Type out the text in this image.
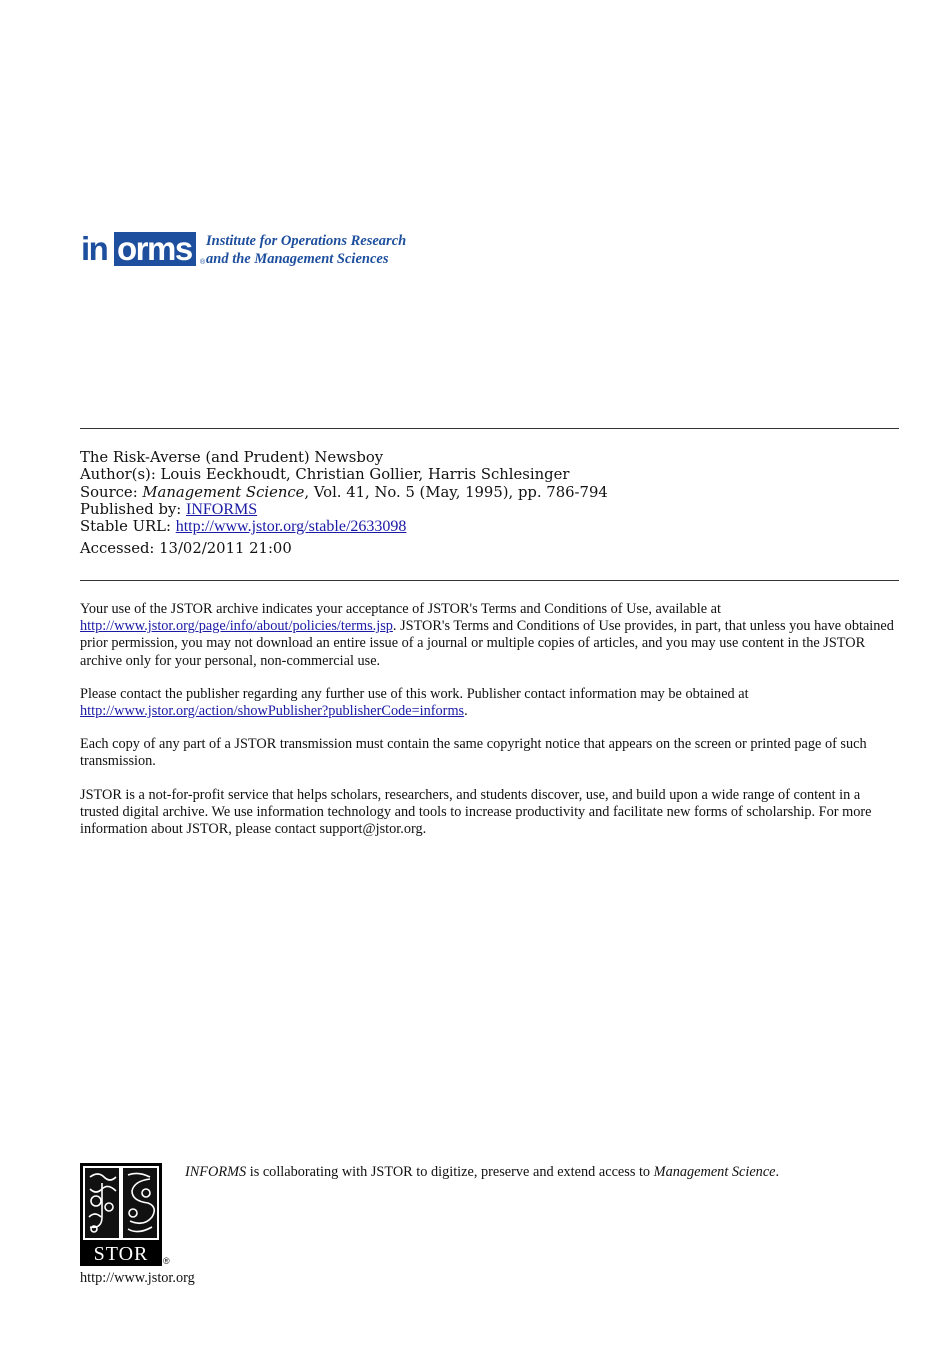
in orms	®
Institute for Operations Research
and the Management Sciences
The Risk-Averse (and Prudent) Newsboy
Author(s): Louis Eeckhoudt, Christian Gollier, Harris Schlesinger
Source: Management Science, Vol. 41, No. 5 (May, 1995), pp. 786-794
Published by: INFORMS
Stable URL: http://www.jstor.org/stable/2633098
Accessed: 13/02/2011 21:00

Your use of the JSTOR archive indicates your acceptance of JSTOR's Terms and Conditions of Use, available at
http://www.jstor.org/page/info/about/policies/terms.jsp. JSTOR's Terms and Conditions of Use provides, in part, that unless you have obtained prior permission, you may not download an entire issue of a journal or multiple copies of articles, and you may use content in the JSTOR archive only for your personal, non-commercial use.

Please contact the publisher regarding any further use of this work. Publisher contact information may be obtained at
http://www.jstor.org/action/showPublisher?publisherCode=informs.

Each copy of any part of a JSTOR transmission must contain the same copyright notice that appears on the screen or printed page of such transmission.

JSTOR is a not-for-profit service that helps scholars, researchers, and students discover, use, and build upon a wide range of content in a trusted digital archive. We use information technology and tools to increase productivity and facilitate new forms of scholarship. For more information about JSTOR, please contact support@jstor.org.

INFORMS is collaborating with JSTOR to digitize, preserve and extend access to Management Science.
STOR ®
http://www.jstor.org
